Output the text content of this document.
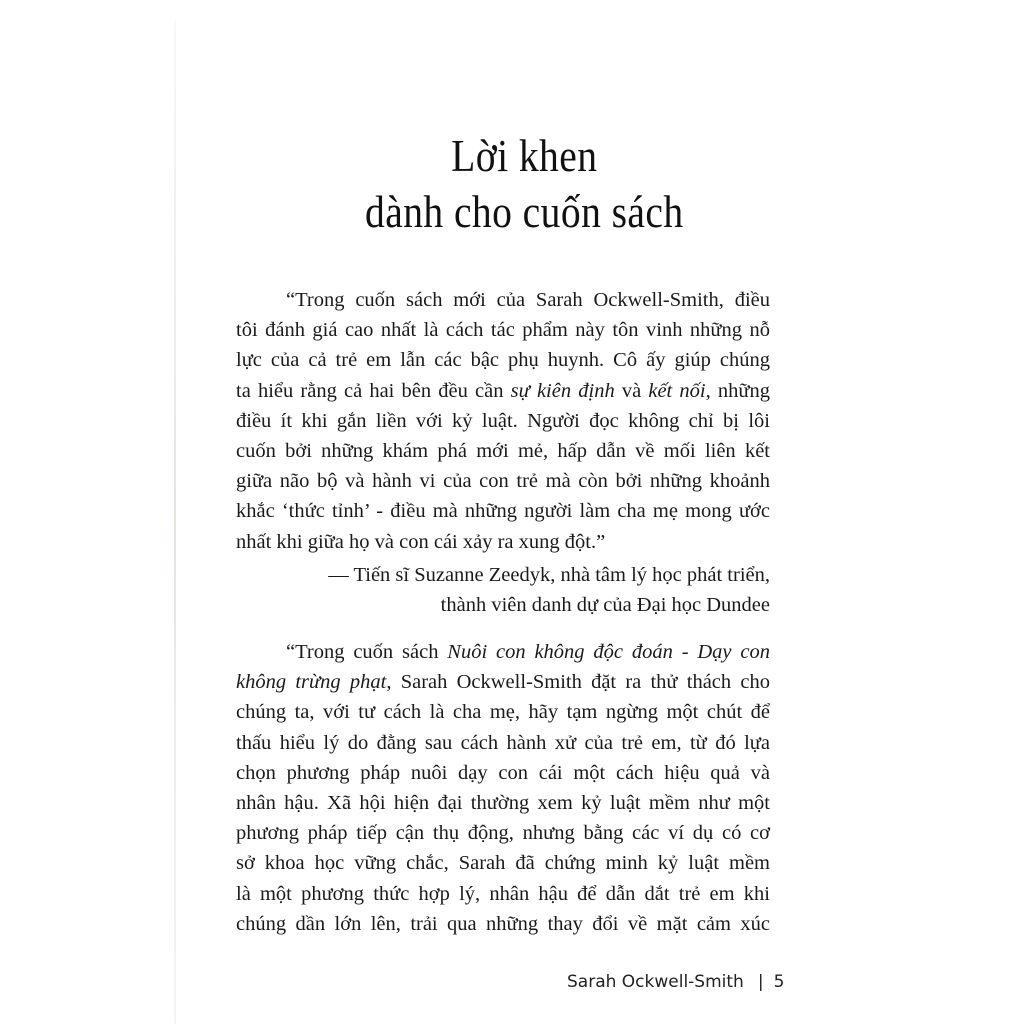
Lời khen
dành cho cuốn sách
“Trong cuốn sách mới của Sarah Ockwell-Smith, điều
tôi đánh giá cao nhất là cách tác phẩm này tôn vinh những nỗ
lực của cả trẻ em lẫn các bậc phụ huynh. Cô ấy giúp chúng
ta hiểu rằng cả hai bên đều cần sự kiên định và kết nối, những
điều ít khi gắn liền với kỷ luật. Người đọc không chỉ bị lôi
cuốn bởi những khám phá mới mẻ, hấp dẫn về mối liên kết
giữa não bộ và hành vi của con trẻ mà còn bởi những khoảnh
khắc ‘thức tỉnh’ - điều mà những người làm cha mẹ mong ước
nhất khi giữa họ và con cái xảy ra xung đột.”
— Tiến sĩ Suzanne Zeedyk, nhà tâm lý học phát triển,
thành viên danh dự của Đại học Dundee
“Trong cuốn sách Nuôi con không độc đoán - Dạy con
không trừng phạt, Sarah Ockwell-Smith đặt ra thử thách cho
chúng ta, với tư cách là cha mẹ, hãy tạm ngừng một chút để
thấu hiểu lý do đằng sau cách hành xử của trẻ em, từ đó lựa
chọn phương pháp nuôi dạy con cái một cách hiệu quả và
nhân hậu. Xã hội hiện đại thường xem kỷ luật mềm như một
phương pháp tiếp cận thụ động, nhưng bằng các ví dụ có cơ
sở khoa học vững chắc, Sarah đã chứng minh kỷ luật mềm
là một phương thức hợp lý, nhân hậu để dẫn dắt trẻ em khi
chúng dần lớn lên, trải qua những thay đổi về mặt cảm xúc
Sarah Ockwell-Smith | 5
